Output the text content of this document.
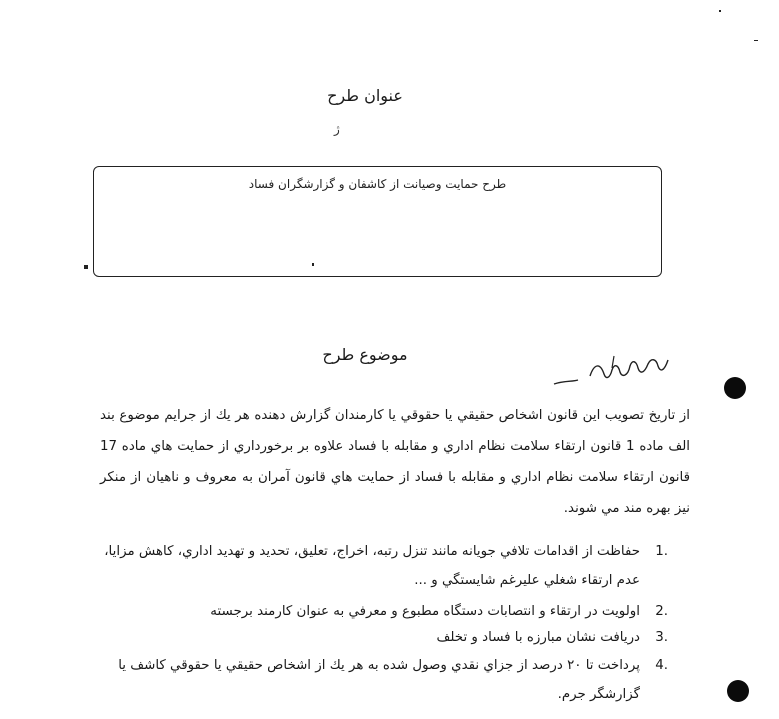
عنوان طرح
ژ
طرح حمايت وصيانت از كاشفان و گزارشگران فساد
موضوع طرح
از تاريخ تصويب اين قانون اشخاص حقيقي يا حقوقي يا كارمندان گزارش دهنده هر يك از جرايم موضوع بند الف ماده 1 قانون ارتقاء سلامت نظام اداري و مقابله با فساد علاوه بر برخورداري از حمايت هاي ماده 17 قانون ارتقاء سلامت نظام اداري و مقابله با فساد از حمايت هاي قانون آمران به معروف و ناهيان از منكر نيز بهره مند مي شوند.
1.
حفاظت از اقدامات تلافي جويانه مانند تنزل رتبه، اخراج، تعليق، تحديد و تهديد اداري، كاهش مزايا، عدم ارتقاء شغلي عليرغم شايستگي و ...
2.
اولويت در ارتقاء و انتصابات دستگاه مطبوع و معرفي به عنوان كارمند برجسته
3.
دريافت نشان مبارزه با فساد و تخلف
4.
پرداخت تا ٢٠ درصد از جزاي نقدي وصول شده به هر يك از اشخاص حقيقي يا حقوقي كاشف يا گزارشگر جرم.
